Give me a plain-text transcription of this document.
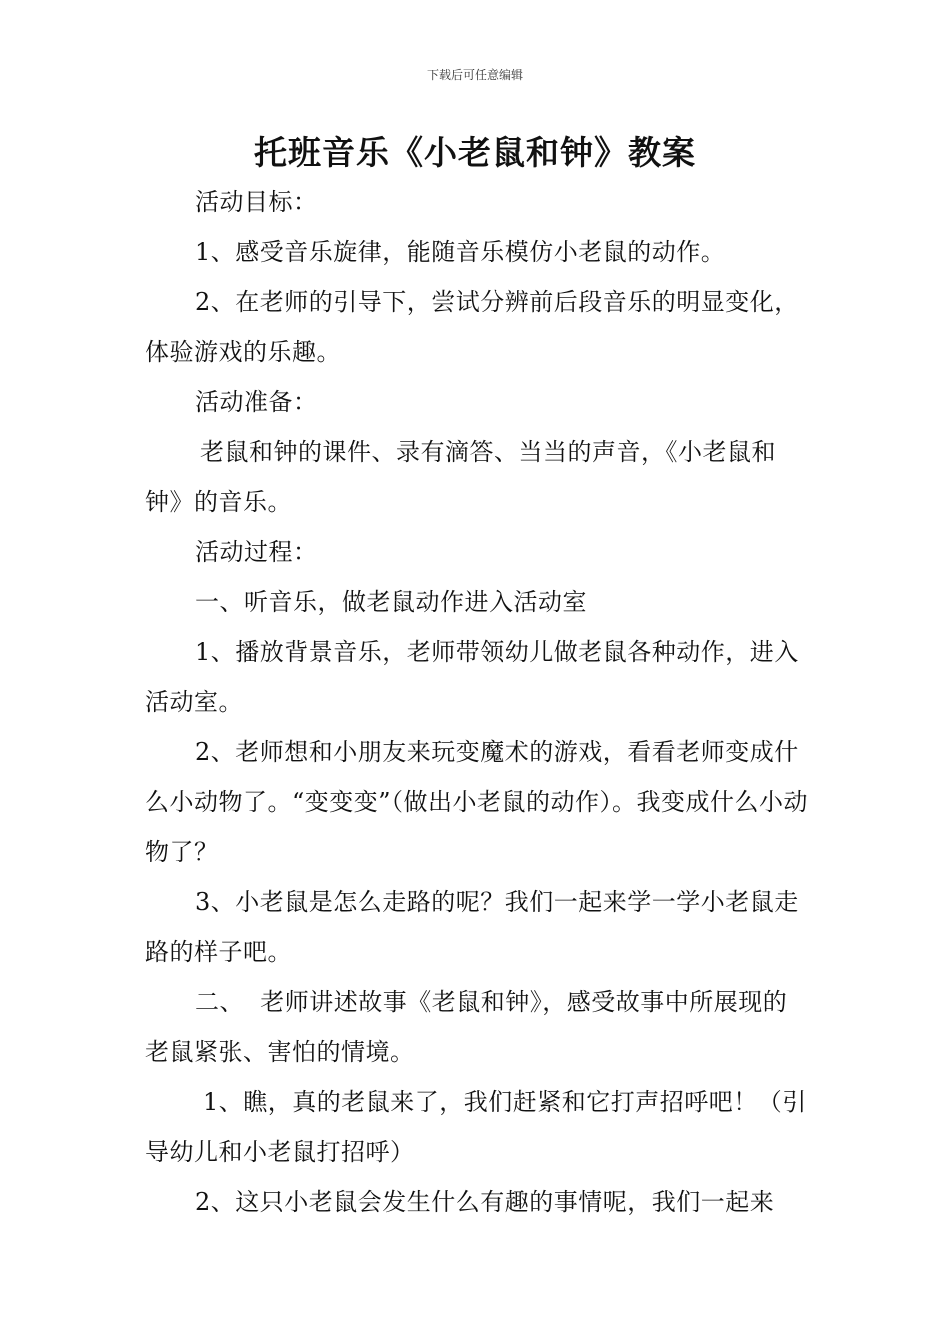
下载后可任意编辑
托班音乐《小老鼠和钟》教案

活动目标：

1、感受音乐旋律，能随音乐模仿小老鼠的动作。

2、在老师的引导下，尝试分辨前后段音乐的明显变化，体验游戏的乐趣。

活动准备：

老鼠和钟的课件、录有滴答、当当的声音，《小老鼠和钟》的音乐。

活动过程：

一、听音乐，做老鼠动作进入活动室

1、播放背景音乐，老师带领幼儿做老鼠各种动作，进入活动室。

2、老师想和小朋友来玩变魔术的游戏，看看老师变成什么小动物了。“变变变”（做出小老鼠的动作）。我变成什么小动物了？

3、小老鼠是怎么走路的呢？我们一起来学一学小老鼠走路的样子吧。

二、  老师讲述故事《老鼠和钟》，感受故事中所展现的老鼠紧张、害怕的情境。

1、瞧，真的老鼠来了，我们赶紧和它打声招呼吧！（引导幼儿和小老鼠打招呼）

2、这只小老鼠会发生什么有趣的事情呢，我们一起来
